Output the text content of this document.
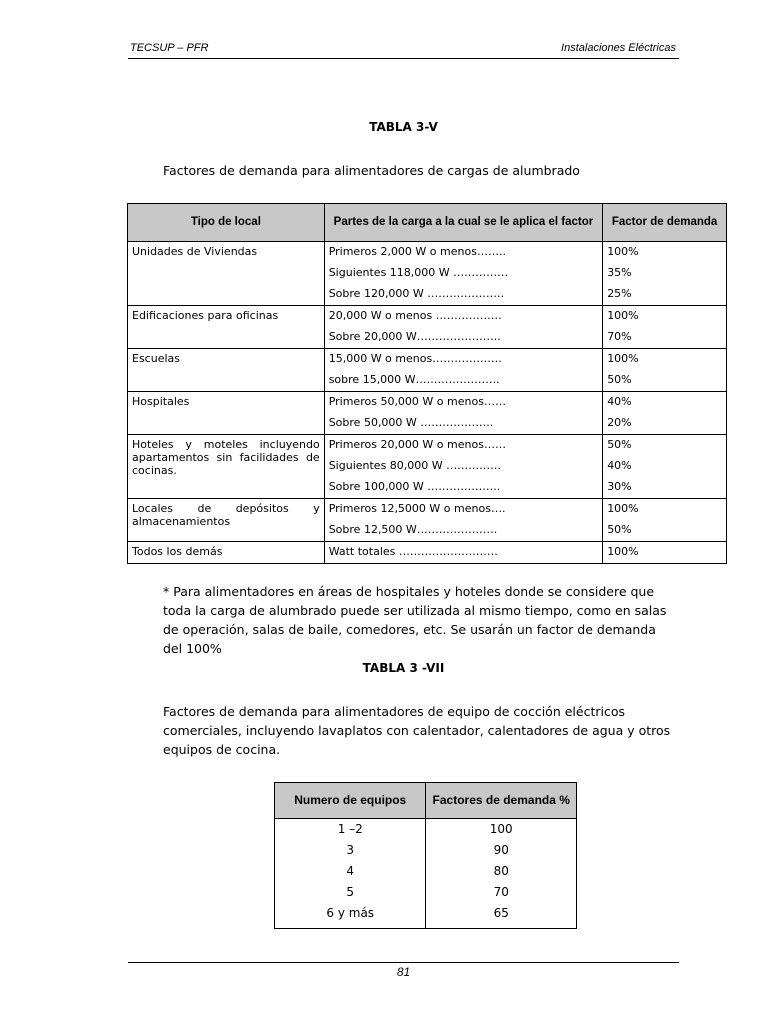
TECSUP – PFR	Instalaciones Eléctricas
TABLA 3-V
Factores de demanda para alimentadores de cargas de alumbrado
Tipo de local	Partes de la carga a la cual se le aplica el factor	Factor de demanda
Unidades de Viviendas	Primeros 2,000 W o menos……..	100%
	Siguientes 118,000 W ……………	35%
	Sobre 120,000 W …………………	25%
Edificaciones para oficinas	20,000 W o menos ………………	100%
	Sobre 20,000 W…………………..	70%
Escuelas	15,000 W o menos……………….	100%
	sobre 15,000 W…………………..	50%
Hospitales	Primeros 50,000 W o menos……	40%
	Sobre 50,000 W ………………..	20%
Hoteles y moteles incluyendo apartamentos sin facilidades de cocinas.	Primeros 20,000 W o menos……	50%
	Siguientes 80,000 W ……………	40%
	Sobre 100,000 W ………………..	30%
Locales de depósitos y almacenamientos	Primeros 12,5000 W o menos….	100%
	Sobre 12,500 W………………….	50%
Todos los demás	Watt totales ………………………	100%
* Para alimentadores en áreas de hospitales y hoteles donde se considere que toda la carga de alumbrado puede ser utilizada al mismo tiempo, como en salas de operación, salas de baile, comedores, etc. Se usarán un factor de demanda del 100%
TABLA 3 -VII
Factores de demanda para alimentadores de equipo de cocción eléctricos comerciales, incluyendo lavaplatos con calentador, calentadores de agua y otros equipos de cocina.
Numero de equipos	Factores de demanda %
1 –2	100
3	90
4	80
5	70
6 y más	65
81
